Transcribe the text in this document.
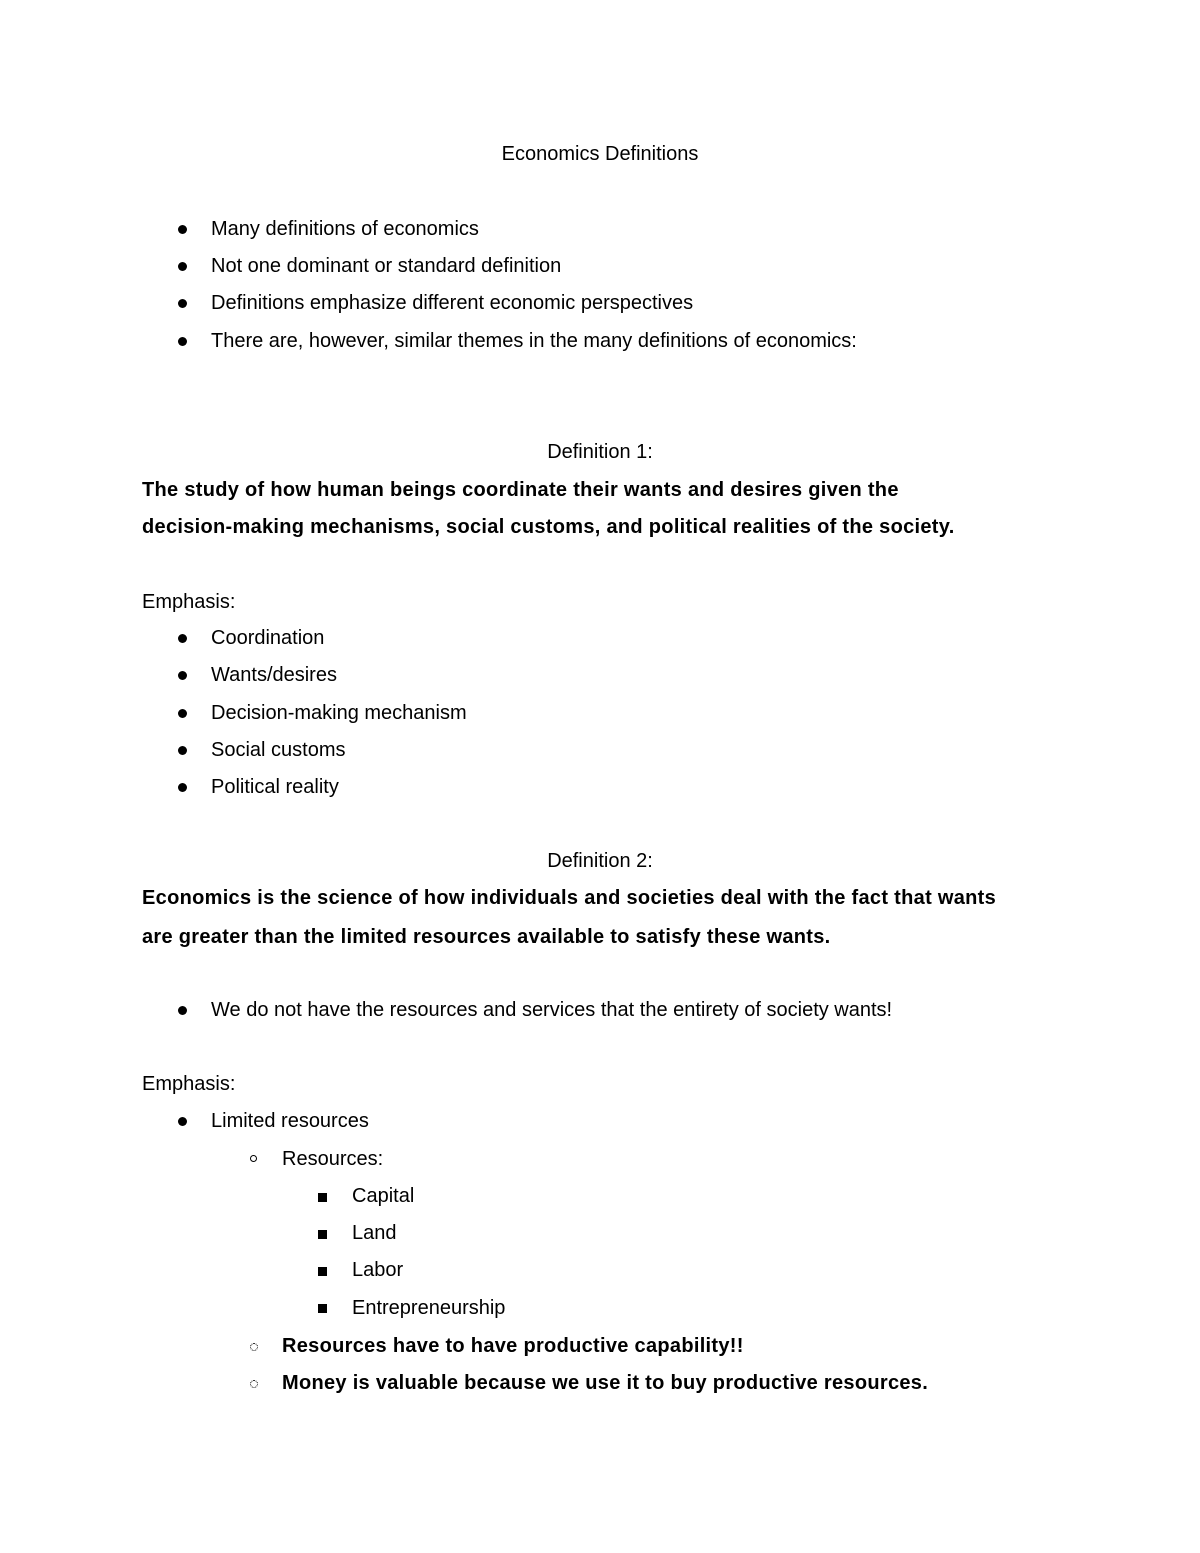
Economics Definitions
Many definitions of economics
Not one dominant or standard definition
Definitions emphasize different economic perspectives
There are, however, similar themes in the many definitions of economics:
Definition 1:
The study of how human beings coordinate their wants and desires given the
decision-making mechanisms, social customs, and political realities of the society.
Emphasis:
Coordination
Wants/desires
Decision-making mechanism
Social customs
Political reality
Definition 2:
Economics is the science of how individuals and societies deal with the fact that wants
are greater than the limited resources available to satisfy these wants.
We do not have the resources and services that the entirety of society wants!
Emphasis:
Limited resources
Resources:
Capital
Land
Labor
Entrepreneurship
Resources have to have productive capability!!
Money is valuable because we use it to buy productive resources.
